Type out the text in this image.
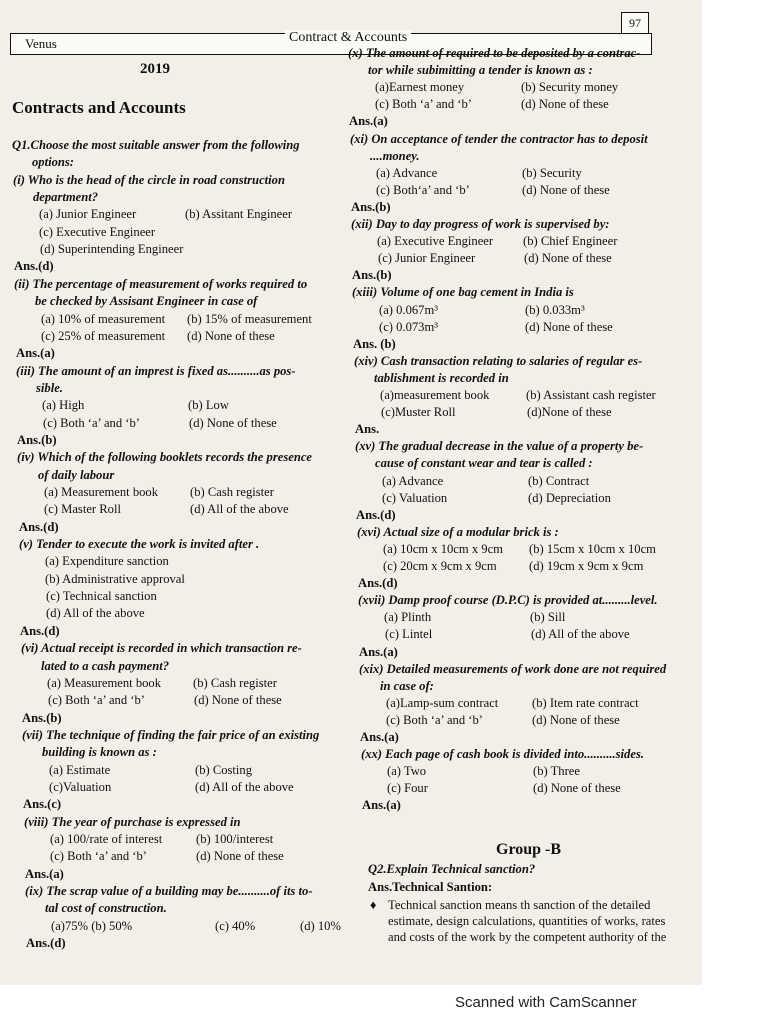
97
Venus	Contract & Accounts
2019
Contracts and Accounts
Q1.Choose the most suitable answer from the following
options:
(i) Who is the head of the circle in road construction
department?
(a) Junior Engineer	(b) Assitant Engineer
(c) Executive Engineer
(d) Superintending Engineer
Ans.(d)
(ii) The percentage of measurement of works required to
be checked by Assisant Engineer in case of
(a) 10% of measurement (b) 15% of measurement
(c) 25% of measurement (d) None of these
Ans.(a)
(iii) The amount of an imprest is fixed as..........as pos-
sible.
(a) High	(b) Low
(c) Both ‘a’ and ‘b’	(d) None of these
Ans.(b)
(iv) Which of the following booklets records the presence
of daily labour
(a) Measurement book	(b) Cash register
(c) Master Roll	(d) All of the above
Ans.(d)
(v) Tender to execute the work is invited after .
(a) Expenditure sanction
(b) Administrative approval
(c) Technical sanction
(d) All of the above
Ans.(d)
(vi) Actual receipt is recorded in which transaction re-
lated to a cash payment?
(a) Measurement book	(b) Cash register
(c) Both ‘a’ and ‘b’	(d) None of these
Ans.(b)
(vii) The technique of finding the fair price of an existing
building is known as :
(a) Estimate	(b) Costing
(c)Valuation	(d) All of the above
Ans.(c)
(viii) The year of purchase is expressed in
(a) 100/rate of interest	(b) 100/interest
(c) Both ‘a’ and ‘b’	(d) None of these
Ans.(a)
(ix) The scrap value of a building may be..........of its to-
tal cost of construction.
(a)75% (b) 50%	(c) 40%	(d) 10%
Ans.(d)
(x) The amount of required to be deposited by a contrac-
tor while subimitting a tender is known as :
(a)Earnest money	(b) Security money
(c) Both ‘a’ and ‘b’	(d) None of these
Ans.(a)
(xi) On acceptance of tender the contractor has to deposit
....money.
(a) Advance	(b) Security
(c) Both‘a’ and ‘b’	(d) None of these
Ans.(b)
(xii) Day to day progress of work is supervised by:
(a) Executive Engineer (b) Chief Engineer
(c) Junior Engineer	(d) None of these
Ans.(b)
(xiii) Volume of one bag cement in India is
(a) 0.067m³	(b) 0.033m³
(c) 0.073m³	(d) None of these
Ans. (b)
(xiv) Cash transaction relating to salaries of regular es-
tablishment is recorded in
(a)measurement book	(b) Assistant cash register
(c)Muster Roll	(d)None of these
Ans.
(xv) The gradual decrease in the value of a property be-
cause of constant wear and tear is called :
(a) Advance	(b) Contract
(c) Valuation	(d) Depreciation
Ans.(d)
(xvi) Actual size of a modular brick is :
(a) 10cm x 10cm x 9cm (b) 15cm x 10cm x 10cm
(c) 20cm x 9cm x 9cm	(d) 19cm x 9cm x 9cm
Ans.(d)
(xvii) Damp proof course (D.P.C) is provided at.........level.
(a) Plinth	(b) Sill
(c) Lintel	(d) All of the above
Ans.(a)
(xix) Detailed measurements of work done are not required
in case of:
(a)Lamp-sum contract	(b) Item rate contract
(c) Both ‘a’ and ‘b’	(d) None of these
Ans.(a)
(xx) Each page of cash book is divided into..........sides.
(a) Two	(b) Three
(c) Four	(d) None of these
Ans.(a)
Group -B
Q2.Explain Technical sanction?
Ans.Technical Santion:
♦ Technical sanction means th sanction of the detailed
estimate, design calculations, quantities of works, rates
and costs of the work by the competent authority of the
Scanned with CamScanner
